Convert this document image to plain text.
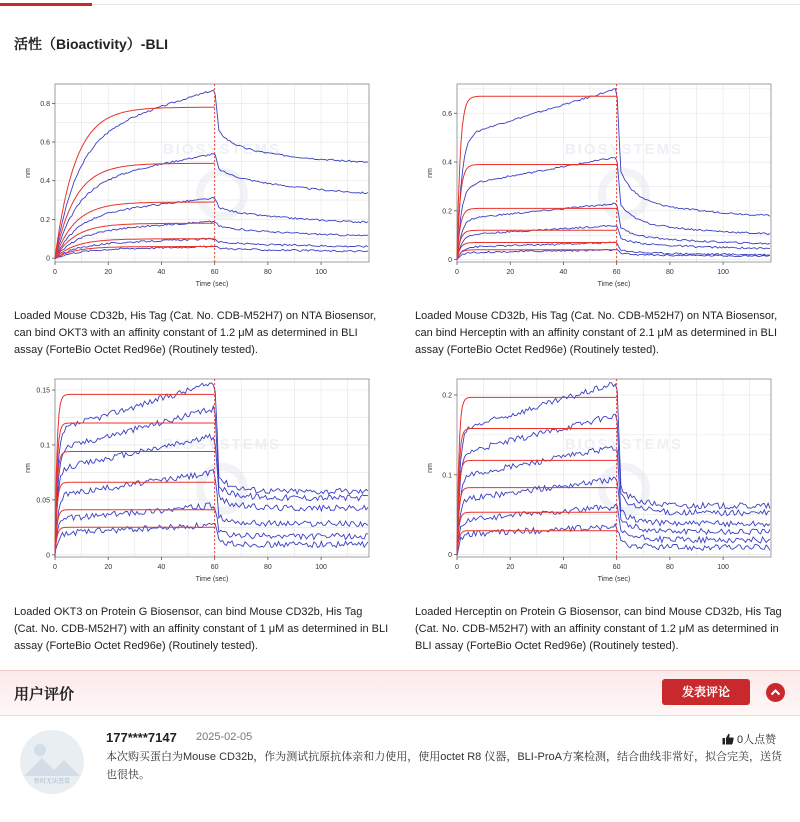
活性（Bioactivity）-BLI
BIOSYSTEMS
0	20	40	60	80	100
0
0.2
0.4
0.6
0.8
Time (sec)
nm
Loaded Mouse CD32b, His Tag (Cat. No. CDB-M52H7) on NTA Biosensor, can bind OKT3 with an affinity constant of 1.2 μM as determined in BLI assay (ForteBio Octet Red96e) (Routinely tested).
BIOSYSTEMS
0	20	40	60	80	100
0
0.2
0.4
0.6
Time (sec)
nm
Loaded Mouse CD32b, His Tag (Cat. No. CDB-M52H7) on NTA Biosensor, can bind Herceptin with an affinity constant of 2.1 μM as determined in BLI assay (ForteBio Octet Red96e) (Routinely tested).
BIOSYSTEMS
0	20	40	60	80	100
0
0.05
0.1
0.15
Time (sec)
nm
Loaded OKT3 on Protein G Biosensor, can bind Mouse CD32b, His Tag (Cat. No. CDB-M52H7) with an affinity constant of 1 μM as determined in BLI assay (ForteBio Octet Red96e) (Routinely tested).
BIOSYSTEMS
0	20	40	60	80	100
0
0.1
0.2
Time (sec)
nm
Loaded Herceptin on Protein G Biosensor, can bind Mouse CD32b, His Tag (Cat. No. CDB-M52H7) with an affinity constant of 1.2 μM as determined in BLI assay (ForteBio Octet Red96e) (Routinely tested).
用户评价	发表评论
暂时无法查看
177****7147 2025-02-05	0人点赞
本次购买蛋白为Mouse CD32b，作为测试抗原抗体亲和力使用，使用octet R8 仪器，BLI-ProA方案检测，结合曲线非常好，拟合完美，送货也很快。
